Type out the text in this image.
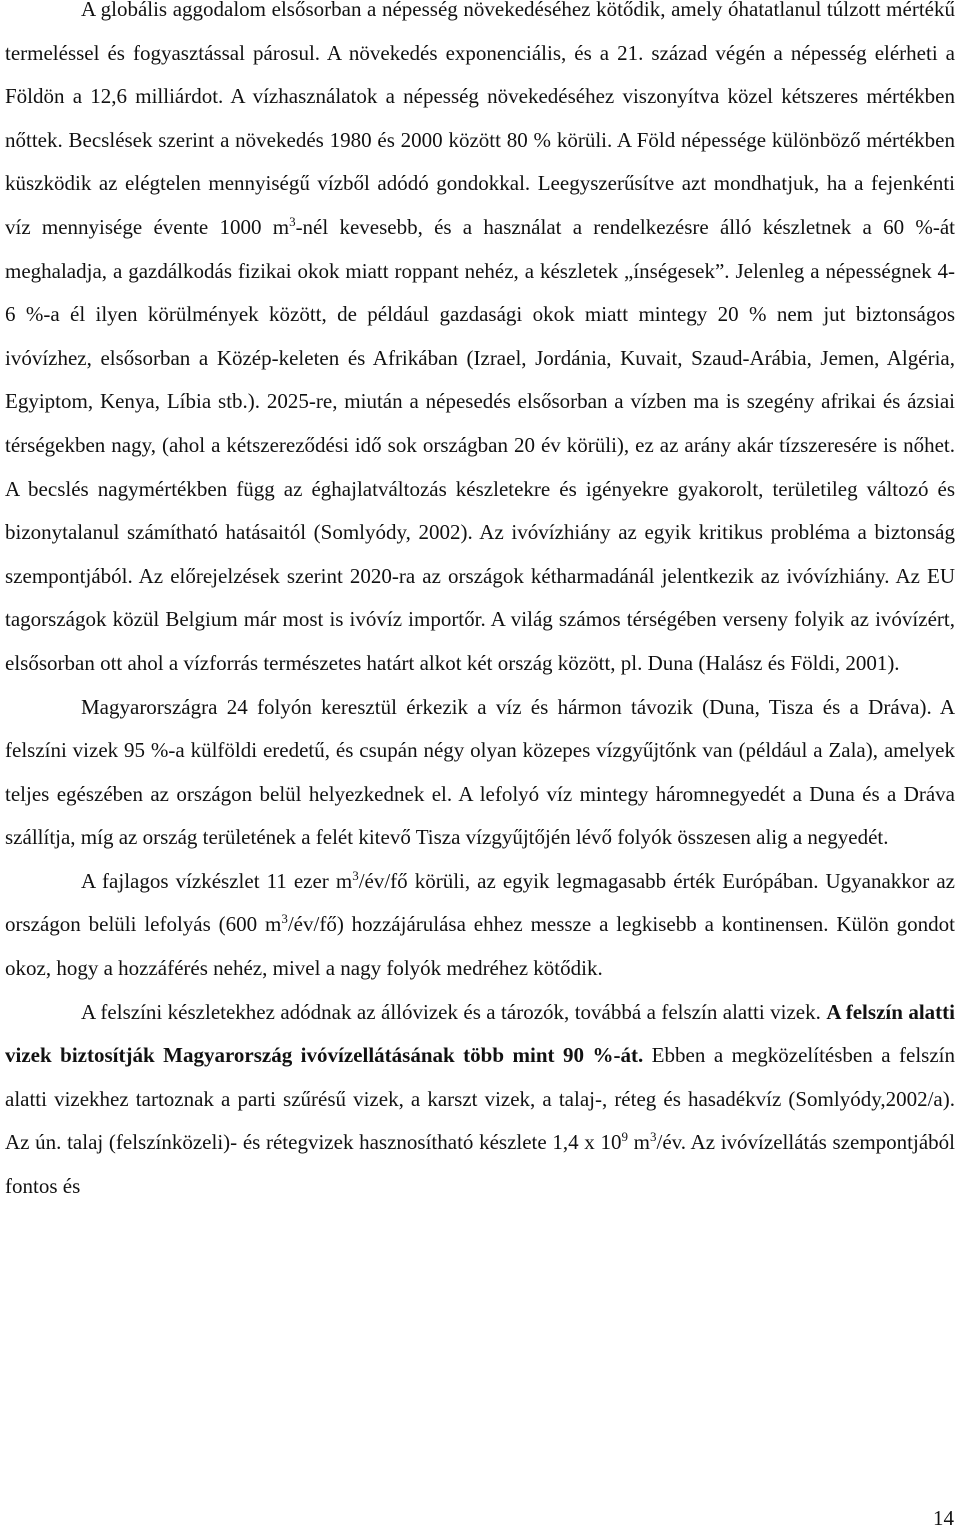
A globális aggodalom elsősorban a népesség növekedéséhez kötődik, amely óhatatlanul túlzott mértékű termeléssel és fogyasztással párosul. A növekedés exponenciális, és a 21. század végén a népesség elérheti a Földön a 12,6 milliárdot. A vízhasználatok a népesség növekedéséhez viszonyítva közel kétszeres mértékben nőttek. Becslések szerint a növekedés 1980 és 2000 között 80 % körüli. A Föld népessége különböző mértékben küszködik az elégtelen mennyiségű vízből adódó gondokkal. Leegyszerűsítve azt mondhatjuk, ha a fejenkénti víz mennyisége évente 1000 $m^3$-nél kevesebb, és a használat a rendelkezésre álló készletnek a 60 %-át meghaladja, a gazdálkodás fizikai okok miatt roppant nehéz, a készletek „ínségesek”. Jelenleg a népességnek 4-6 %-a él ilyen körülmények között, de például gazdasági okok miatt mintegy 20 % nem jut biztonságos ivóvízhez, elsősorban a Közép-keleten és Afrikában (Izrael, Jordánia, Kuvait, Szaud-Arábia, Jemen, Algéria, Egyiptom, Kenya, Líbia stb.). 2025-re, miután a népesedés elsősorban a vízben ma is szegény afrikai és ázsiai térségekben nagy, (ahol a kétszereződési idő sok országban 20 év körüli), ez az arány akár tízszeresére is nőhet. A becslés nagymértékben függ az éghajlatváltozás készletekre és igényekre gyakorolt, területileg változó és bizonytalanul számítható hatásaitól (Somlyódy, 2002). Az ivóvízhiány az egyik kritikus probléma a biztonság szempontjából. Az előrejelzések szerint 2020-ra az országok kétharmadánál jelentkezik az ivóvízhiány. Az EU tagországok közül Belgium már most is ivóvíz importőr. A világ számos térségében verseny folyik az ivóvízért, elsősorban ott ahol a vízforrás természetes határt alkot két ország között, pl. Duna (Halász és Földi, 2001).

Magyarországra 24 folyón keresztül érkezik a víz és hármon távozik (Duna, Tisza és a Dráva). A felszíni vizek 95 %-a külföldi eredetű, és csupán négy olyan közepes vízgyűjtőnk van (például a Zala), amelyek teljes egészében az országon belül helyezkednek el. A lefolyó víz mintegy háromnegyedét a Duna és a Dráva szállítja, míg az ország területének a felét kitevő Tisza vízgyűjtőjén lévő folyók összesen alig a negyedét.

A fajlagos vízkészlet 11 ezer $m^3/év/fő$ körüli, az egyik legmagasabb érték Európában. Ugyanakkor az országon belüli lefolyás (600 $m^3/év/fő$) hozzájárulása ehhez messze a legkisebb a kontinensen. Külön gondot okoz, hogy a hozzáférés nehéz, mivel a nagy folyók medréhez kötődik.

A felszíni készletekhez adódnak az állóvizek és a tározók, továbbá a felszín alatti vizek. A felszín alatti vizek biztosítják Magyarország ivóvízellátásának több mint 90 %-át. Ebben a megközelítésben a felszín alatti vizekhez tartoznak a parti szűrésű vizek, a karszt vizek, a talaj-, réteg és hasadékvíz (Somlyódy,2002/a). Az ún. talaj (felszínközeli)- és rétegvizek hasznosítható készlete 1,4 x $10^9$ $m^3/év$. Az ivóvízellátás szempontjából fontos és

14
